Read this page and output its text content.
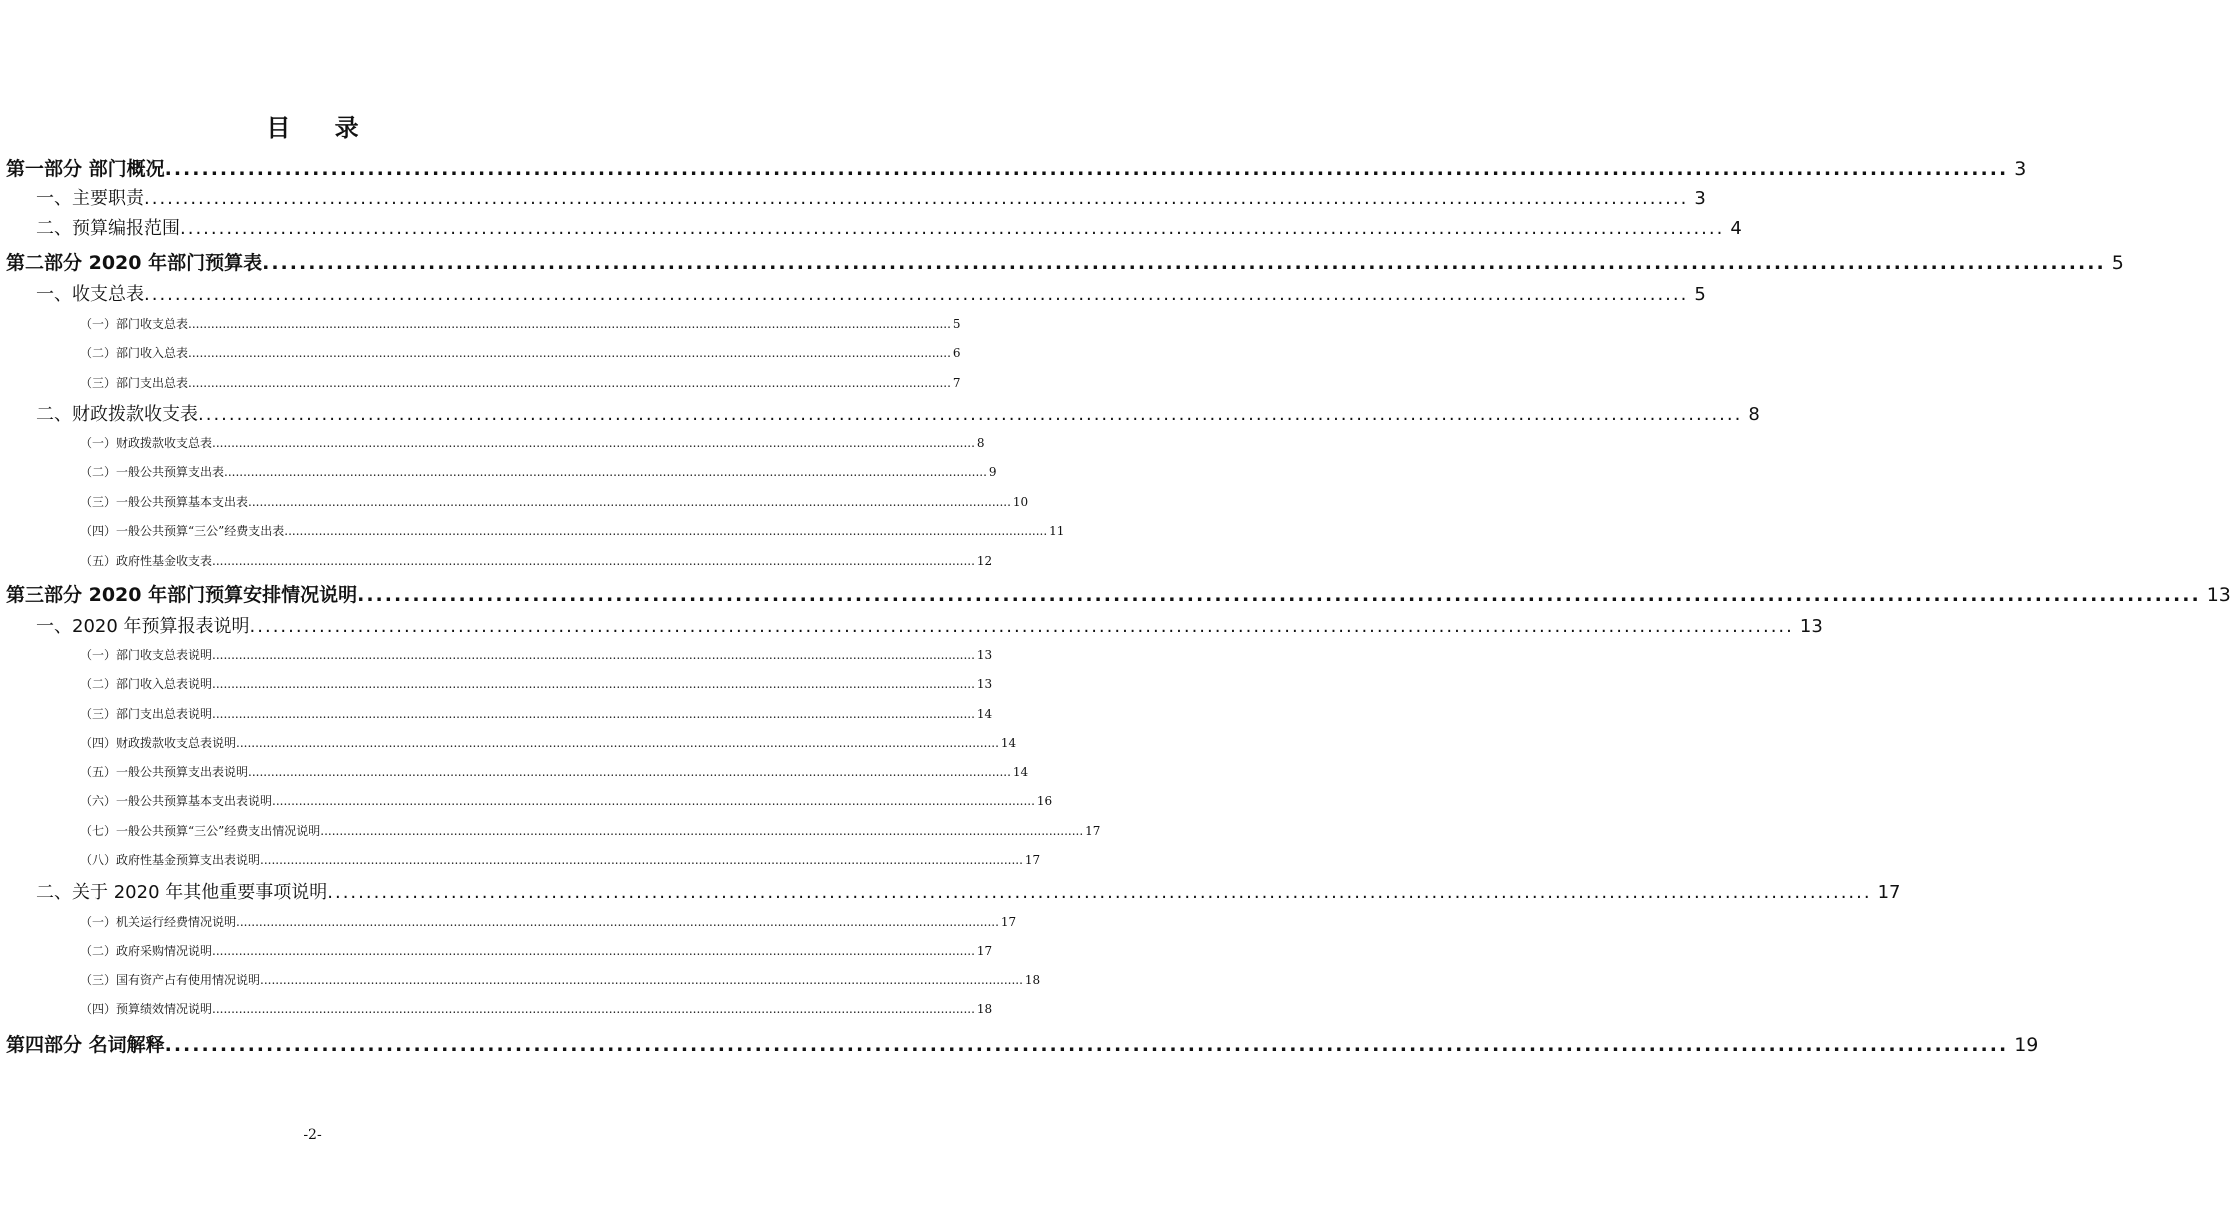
目 录
第一部分 部门概况 ........................................................................................................................................................................................................ 3
一、主要职责 ........................................................................................................................................................................................................ 3
二、预算编报范围 ........................................................................................................................................................................................................ 4
第二部分 2020 年部门预算表 ........................................................................................................................................................................................................ 5
一、收支总表 ........................................................................................................................................................................................................ 5
（一）部门收支总表 ........................................................................................................................................................................................................ 5
（二）部门收入总表 ........................................................................................................................................................................................................ 6
（三）部门支出总表 ........................................................................................................................................................................................................ 7
二、财政拨款收支表 ........................................................................................................................................................................................................ 8
（一）财政拨款收支总表 ........................................................................................................................................................................................................ 8
（二）一般公共预算支出表 ........................................................................................................................................................................................................ 9
（三）一般公共预算基本支出表 ........................................................................................................................................................................................................ 10
（四）一般公共预算“三公”经费支出表 ........................................................................................................................................................................................................ 11
（五）政府性基金收支表 ........................................................................................................................................................................................................ 12
第三部分 2020 年部门预算安排情况说明 ........................................................................................................................................................................................................ 13
一、2020 年预算报表说明 ........................................................................................................................................................................................................ 13
（一）部门收支总表说明 ........................................................................................................................................................................................................ 13
（二）部门收入总表说明 ........................................................................................................................................................................................................ 13
（三）部门支出总表说明 ........................................................................................................................................................................................................ 14
（四）财政拨款收支总表说明 ........................................................................................................................................................................................................ 14
（五）一般公共预算支出表说明 ........................................................................................................................................................................................................ 14
（六）一般公共预算基本支出表说明 ........................................................................................................................................................................................................ 16
（七）一般公共预算“三公”经费支出情况说明 ........................................................................................................................................................................................................ 17
（八）政府性基金预算支出表说明 ........................................................................................................................................................................................................ 17
二、关于 2020 年其他重要事项说明 ........................................................................................................................................................................................................ 17
（一）机关运行经费情况说明 ........................................................................................................................................................................................................ 17
（二）政府采购情况说明 ........................................................................................................................................................................................................ 17
（三）国有资产占有使用情况说明 ........................................................................................................................................................................................................ 18
（四）预算绩效情况说明 ........................................................................................................................................................................................................ 18
第四部分 名词解释 ........................................................................................................................................................................................................ 19
-2-
